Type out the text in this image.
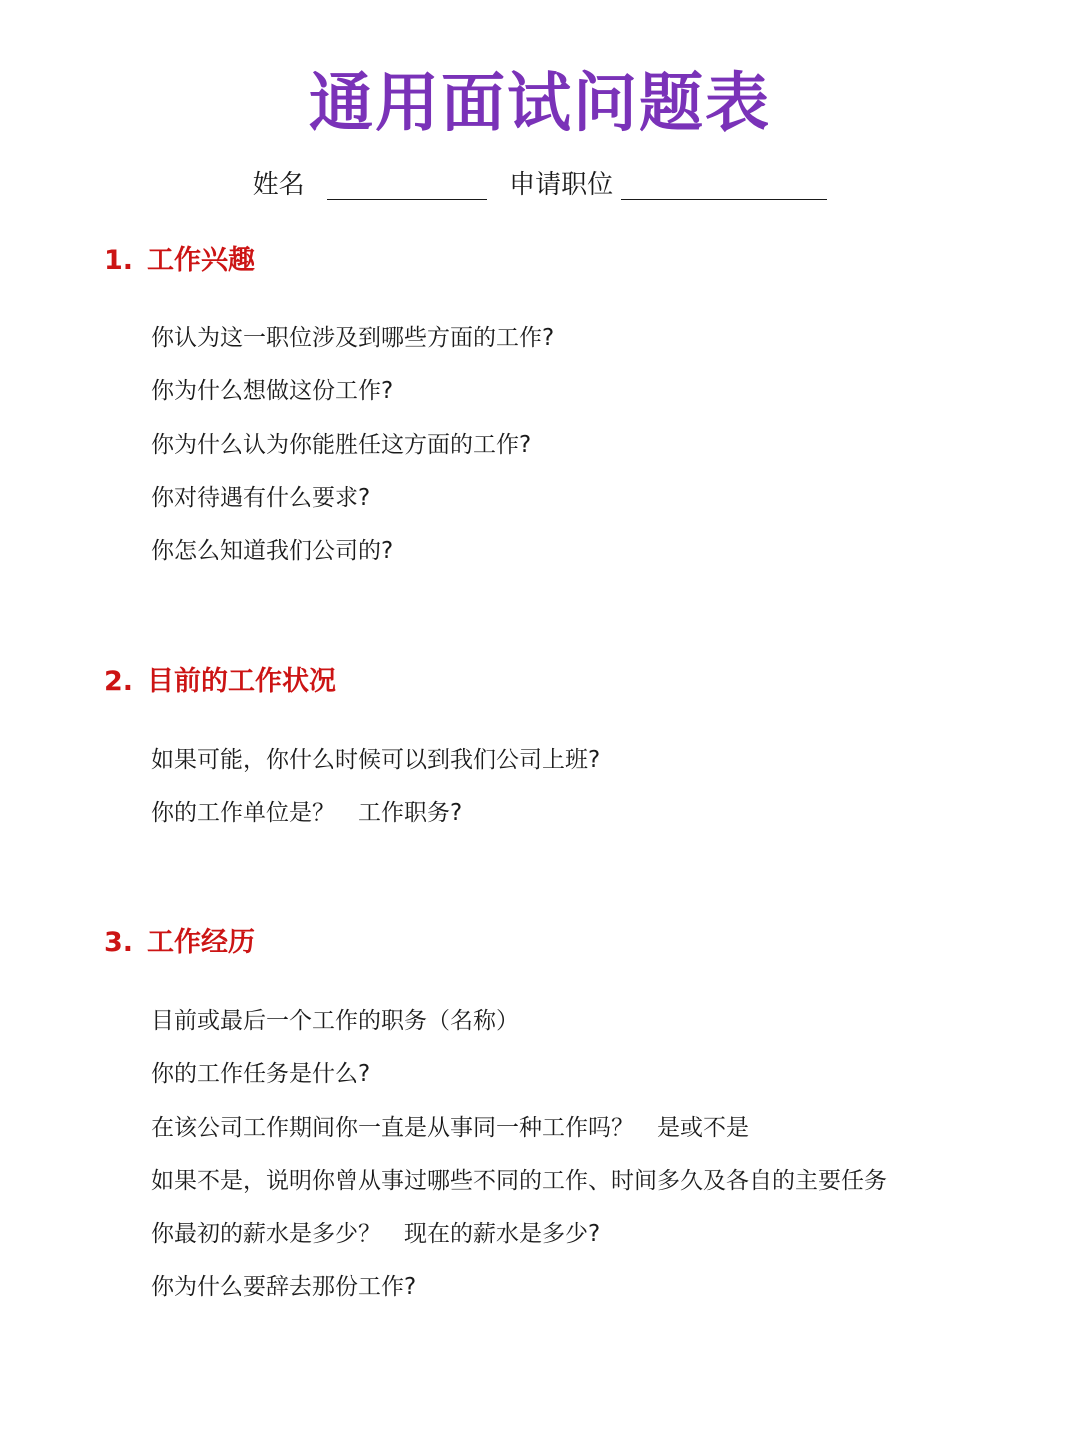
通用面试问题表
姓名	申请职位
1. 工作兴趣
你认为这一职位涉及到哪些方面的工作?
你为什么想做这份工作?
你为什么认为你能胜任这方面的工作?
你对待遇有什么要求?
你怎么知道我们公司的?
2. 目前的工作状况
如果可能，你什么时候可以到我们公司上班?
你的工作单位是？　工作职务?
3. 工作经历
目前或最后一个工作的职务（名称）
你的工作任务是什么?
在该公司工作期间你一直是从事同一种工作吗？　是或不是
如果不是，说明你曾从事过哪些不同的工作、时间多久及各自的主要任务
你最初的薪水是多少？　现在的薪水是多少?
你为什么要辞去那份工作?
